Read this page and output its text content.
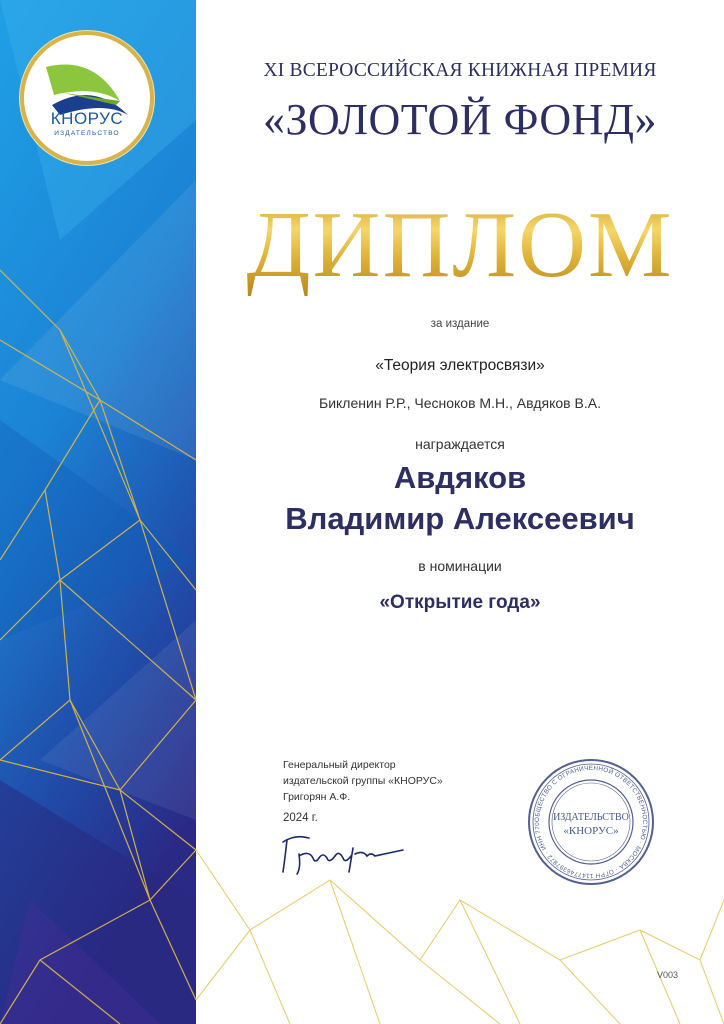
КНОРУС
ИЗДАТЕЛЬСТВО
XI ВСЕРОССИЙСКАЯ КНИЖНАЯ ПРЕМИЯ
«ЗОЛОТОЙ ФОНД»
ДИПЛОМ
за издание
«Теория электросвязи»
Бикленин Р.Р., Чесноков М.Н., Авдяков В.А.
награждается
Авдяков
Владимир Алексеевич
в номинации
«Открытие года»
Генеральный директор
издательской группы «КНОРУС»
Григорян А.Ф.
2024 г.	ОБЩЕСТВО С ОГРАНИЧЕННОЙ ОТВЕТСТВЕННОСТЬЮ · МОСКВА · ОГРН 1147746397872 · ИНН 770
ИЗДАТЕЛЬСТВО
«КНОРУС»
V003
